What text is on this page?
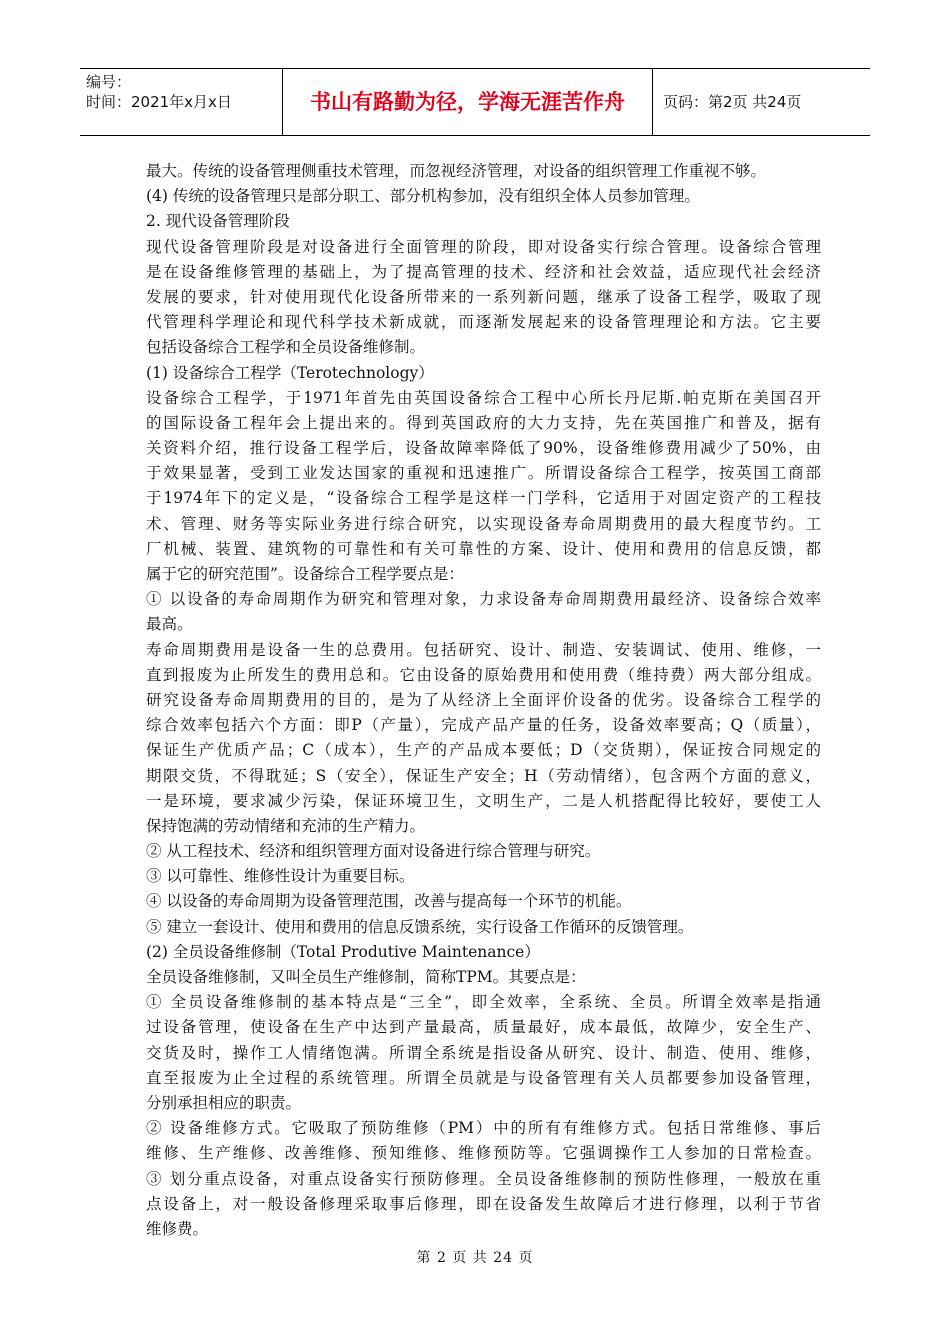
编号：
时间：2021年x月x日	书山有路勤为径，学海无涯苦作舟	页码：第2页 共24页
最大。传统的设备管理侧重技术管理，而忽视经济管理，对设备的组织管理工作重视不够。
(4) 传统的设备管理只是部分职工、部分机构参加，没有组织全体人员参加管理。
2. 现代设备管理阶段
现代设备管理阶段是对设备进行全面管理的阶段，即对设备实行综合管理。设备综合管理
是在设备维修管理的基础上，为了提高管理的技术、经济和社会效益，适应现代社会经济
发展的要求，针对使用现代化设备所带来的一系列新问题，继承了设备工程学，吸取了现
代管理科学理论和现代科学技术新成就，而逐渐发展起来的设备管理理论和方法。它主要
包括设备综合工程学和全员设备维修制。
(1) 设备综合工程学（Terotechnology）
设备综合工程学，于1971年首先由英国设备综合工程中心所长丹尼斯.帕克斯在美国召开
的国际设备工程年会上提出来的。得到英国政府的大力支持，先在英国推广和普及，据有
关资料介绍，推行设备工程学后，设备故障率降低了90%，设备维修费用减少了50%，由
于效果显著，受到工业发达国家的重视和迅速推广。所谓设备综合工程学，按英国工商部
于1974年下的定义是，“设备综合工程学是这样一门学科，它适用于对固定资产的工程技
术、管理、财务等实际业务进行综合研究，以实现设备寿命周期费用的最大程度节约。工
厂机械、装置、建筑物的可靠性和有关可靠性的方案、设计、使用和费用的信息反馈，都
属于它的研究范围”。设备综合工程学要点是：
① 以设备的寿命周期作为研究和管理对象，力求设备寿命周期费用最经济、设备综合效率
最高。
寿命周期费用是设备一生的总费用。包括研究、设计、制造、安装调试、使用、维修，一
直到报废为止所发生的费用总和。它由设备的原始费用和使用费（维持费）两大部分组成。
研究设备寿命周期费用的目的，是为了从经济上全面评价设备的优劣。设备综合工程学的
综合效率包括六个方面：即P（产量），完成产品产量的任务，设备效率要高；Q（质量），
保证生产优质产品；C（成本），生产的产品成本要低；D（交货期），保证按合同规定的
期限交货，不得耽延；S（安全），保证生产安全；H（劳动情绪），包含两个方面的意义，
一是环境，要求减少污染，保证环境卫生，文明生产，二是人机搭配得比较好，要使工人
保持饱满的劳动情绪和充沛的生产精力。
② 从工程技术、经济和组织管理方面对设备进行综合管理与研究。
③ 以可靠性、维修性设计为重要目标。
④ 以设备的寿命周期为设备管理范围，改善与提高每一个环节的机能。
⑤ 建立一套设计、使用和费用的信息反馈系统，实行设备工作循环的反馈管理。
(2) 全员设备维修制（Total Produtive Maintenance）
全员设备维修制，又叫全员生产维修制，简称TPM。其要点是：
① 全员设备维修制的基本特点是“三全”，即全效率，全系统、全员。所谓全效率是指通
过设备管理，使设备在生产中达到产量最高，质量最好，成本最低，故障少，安全生产、
交货及时，操作工人情绪饱满。所谓全系统是指设备从研究、设计、制造、使用、维修，
直至报废为止全过程的系统管理。所谓全员就是与设备管理有关人员都要参加设备管理，
分别承担相应的职责。
② 设备维修方式。它吸取了预防维修（PM）中的所有有维修方式。包括日常维修、事后
维修、生产维修、改善维修、预知维修、维修预防等。它强调操作工人参加的日常检查。
③ 划分重点设备，对重点设备实行预防修理。全员设备维修制的预防性修理，一般放在重
点设备上，对一般设备修理采取事后修理，即在设备发生故障后才进行修理，以利于节省
维修费。
第 2 页 共 24 页
